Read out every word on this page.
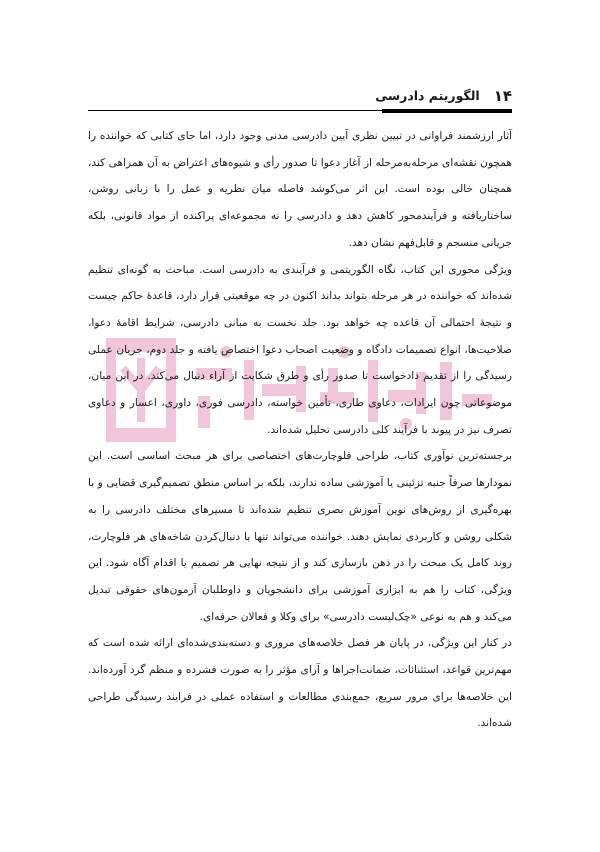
۱۴
الگوریتم دادرسی

آثار ارزشمند فراوانی در تبیین نظری آیین دادرسی مدنی وجود دارد، اما جای کتابی که خواننده را همچون نقشه‌ای مرحله‌به‌مرحله از آغاز دعوا تا صدور رأی و شیوه‌های اعتراض به آن همراهی کند، همچنان خالی بوده است. این اثر می‌کوشد فاصله میان نظریه و عمل را با زبانی روشن، ساختاریافته و فرآیندمحور کاهش دهد و دادرسی را نه مجموعه‌ای پراکنده از مواد قانونی، بلکه جریانی منسجم و قابل‌فهم نشان دهد.

ویژگی محوری این کتاب، نگاه الگوریتمی و فرآیندی به دادرسی است. مباحث به گونه‌ای تنظیم شده‌اند که خواننده در هر مرحله بتواند بداند اکنون در چه موقعیتی قرار دارد، قاعدهٔ حاکم چیست و نتیجهٔ احتمالی آن قاعده چه خواهد بود. جلد نخست به مبانی دادرسی، شرایط اقامهٔ دعوا، صلاحیت‌ها، انواع تصمیمات دادگاه و وضعیت اصحاب دعوا اختصاص یافته و جلد دوم، جریان عملی رسیدگی را از تقدیم دادخواست تا صدور رأی و طرق شکایت از آراء دنبال می‌کند. در این میان، موضوعاتی چون ایرادات، دعاوی طاری، تأمین خواسته، دادرسی فوری، داوری، اعسار و دعاوی تصرف نیز در پیوند با فرآیند کلی دادرسی تحلیل شده‌اند.

برجسته‌ترین نوآوری کتاب، طراحی فلوچارت‌های اختصاصی برای هر مبحث اساسی است. این نمودارها صرفاً جنبه تزئینی یا آموزشی ساده ندارند، بلکه بر اساس منطق تصمیم‌گیری قضایی و با بهره‌گیری از روش‌های نوین آموزش بصری تنظیم شده‌اند تا مسیرهای مختلف دادرسی را به شکلی روشن و کاربردی نمایش دهند. خواننده می‌تواند تنها با دنبال‌کردن شاخه‌های هر فلوچارت، روند کامل یک مبحث را در ذهن بازسازی کند و از نتیجه نهایی هر تصمیم یا اقدام آگاه شود. این ویژگی، کتاب را هم به ابزاری آموزشی برای دانشجویان و داوطلبان آزمون‌های حقوقی تبدیل می‌کند و هم به نوعی «چک‌لیست دادرسی» برای وکلا و فعالان حرفه‌ای.

در کنار این ویژگی، در پایان هر فصل خلاصه‌های مروری و دسته‌بندی‌شده‌ای ارائه شده است که مهم‌ترین قواعد، استثنائات، ضمانت‌اجراها و آرای مؤثر را به صورت فشرده و منظم گرد آورده‌اند. این خلاصه‌ها برای مرور سریع، جمع‌بندی مطالعات و استفاده عملی در فرایند رسیدگی طراحی شده‌اند.
